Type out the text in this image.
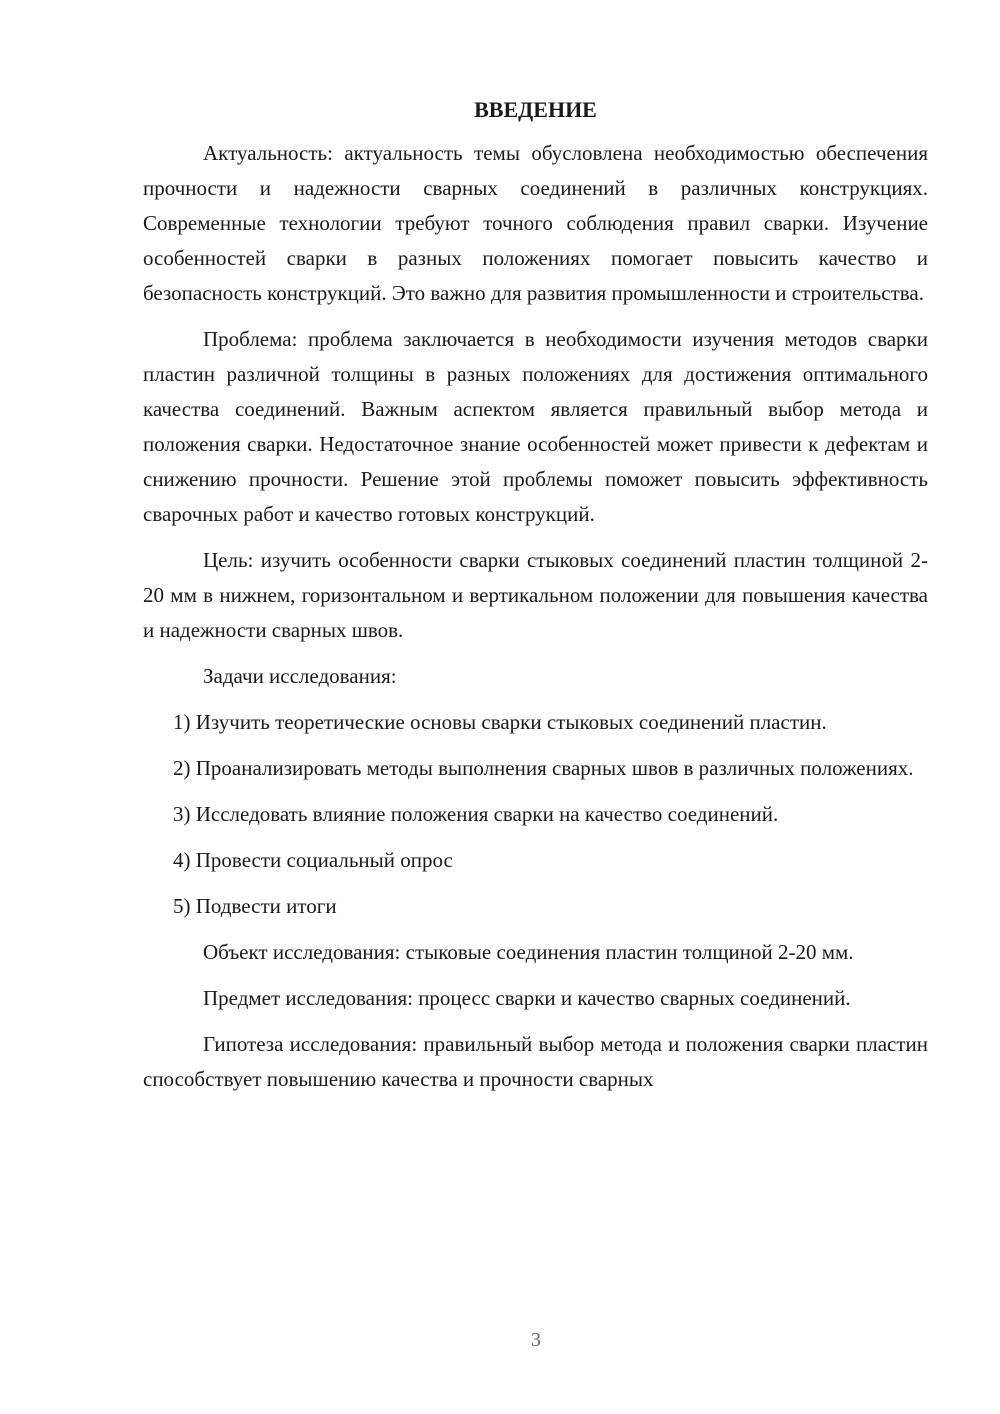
ВВЕДЕНИЕ

Актуальность: актуальность темы обусловлена необходимостью обеспечения прочности и надежности сварных соединений в различных конструкциях. Современные технологии требуют точного соблюдения правил сварки. Изучение особенностей сварки в разных положениях помогает повысить качество и безопасность конструкций. Это важно для развития промышленности и строительства.

Проблема: проблема заключается в необходимости изучения методов сварки пластин различной толщины в разных положениях для достижения оптимального качества соединений. Важным аспектом является правильный выбор метода и положения сварки. Недостаточное знание особенностей может привести к дефектам и снижению прочности. Решение этой проблемы поможет повысить эффективность сварочных работ и качество готовых конструкций.

Цель: изучить особенности сварки стыковых соединений пластин толщиной 2-20 мм в нижнем, горизонтальном и вертикальном положении для повышения качества и надежности сварных швов.

Задачи исследования:

1) Изучить теоретические основы сварки стыковых соединений пластин.

2) Проанализировать методы выполнения сварных швов в различных положениях.

3) Исследовать влияние положения сварки на качество соединений.

4) Провести социальный опрос

5) Подвести итоги

Объект исследования: стыковые соединения пластин толщиной 2-20 мм.

Предмет исследования: процесс сварки и качество сварных соединений.

Гипотеза исследования: правильный выбор метода и положения сварки пластин способствует повышению качества и прочности сварных

3
